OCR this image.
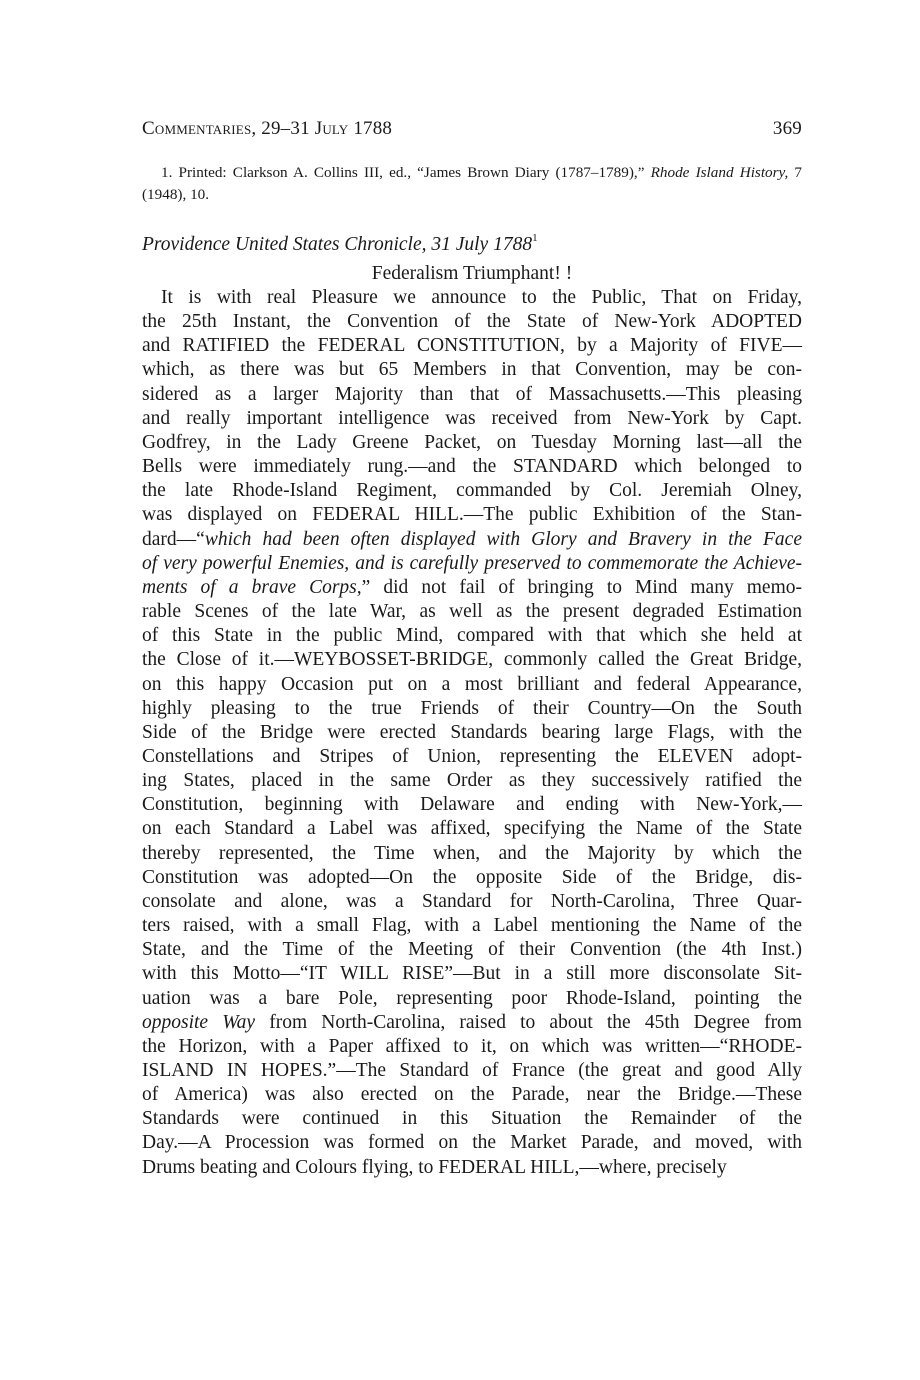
Commentaries, 29–31 July 1788	369

1. Printed: Clarkson A. Collins III, ed., “James Brown Diary (1787–1789),” Rhode Island History, 7 (1948), 10.

Providence United States Chronicle, 31 July 1788$^1$

Federalism Triumphant! !

It is with real Pleasure we announce to the Public, That on Friday,
the 25th Instant, the Convention of the State of New-York ADOPTED
and RATIFIED the FEDERAL CONSTITUTION, by a Majority of FIVE—
which, as there was but 65 Members in that Convention, may be con-
sidered as a larger Majority than that of Massachusetts.—This pleasing
and really important intelligence was received from New-York by Capt.
Godfrey, in the Lady Greene Packet, on Tuesday Morning last—all the
Bells were immediately rung.—and the STANDARD which belonged to
the late Rhode-Island Regiment, commanded by Col. Jeremiah Olney,
was displayed on FEDERAL HILL.—The public Exhibition of the Stan-
dard—“which had been often displayed with Glory and Bravery in the Face
of very powerful Enemies, and is carefully preserved to commemorate the Achieve-
ments of a brave Corps,” did not fail of bringing to Mind many memo-
rable Scenes of the late War, as well as the present degraded Estimation
of this State in the public Mind, compared with that which she held at
the Close of it.—WEYBOSSET-BRIDGE, commonly called the Great Bridge,
on this happy Occasion put on a most brilliant and federal Appearance,
highly pleasing to the true Friends of their Country—On the South
Side of the Bridge were erected Standards bearing large Flags, with the
Constellations and Stripes of Union, representing the ELEVEN adopt-
ing States, placed in the same Order as they successively ratified the
Constitution, beginning with Delaware and ending with New-York,—
on each Standard a Label was affixed, specifying the Name of the State
thereby represented, the Time when, and the Majority by which the
Constitution was adopted—On the opposite Side of the Bridge, dis-
consolate and alone, was a Standard for North-Carolina, Three Quar-
ters raised, with a small Flag, with a Label mentioning the Name of the
State, and the Time of the Meeting of their Convention (the 4th Inst.)
with this Motto—“IT WILL RISE”—But in a still more disconsolate Sit-
uation was a bare Pole, representing poor Rhode-Island, pointing the
opposite Way from North-Carolina, raised to about the 45th Degree from
the Horizon, with a Paper affixed to it, on which was written—“RHODE-
ISLAND IN HOPES.”—The Standard of France (the great and good Ally
of America) was also erected on the Parade, near the Bridge.—These
Standards were continued in this Situation the Remainder of the
Day.—A Procession was formed on the Market Parade, and moved, with
Drums beating and Colours flying, to FEDERAL HILL,—where, precisely
